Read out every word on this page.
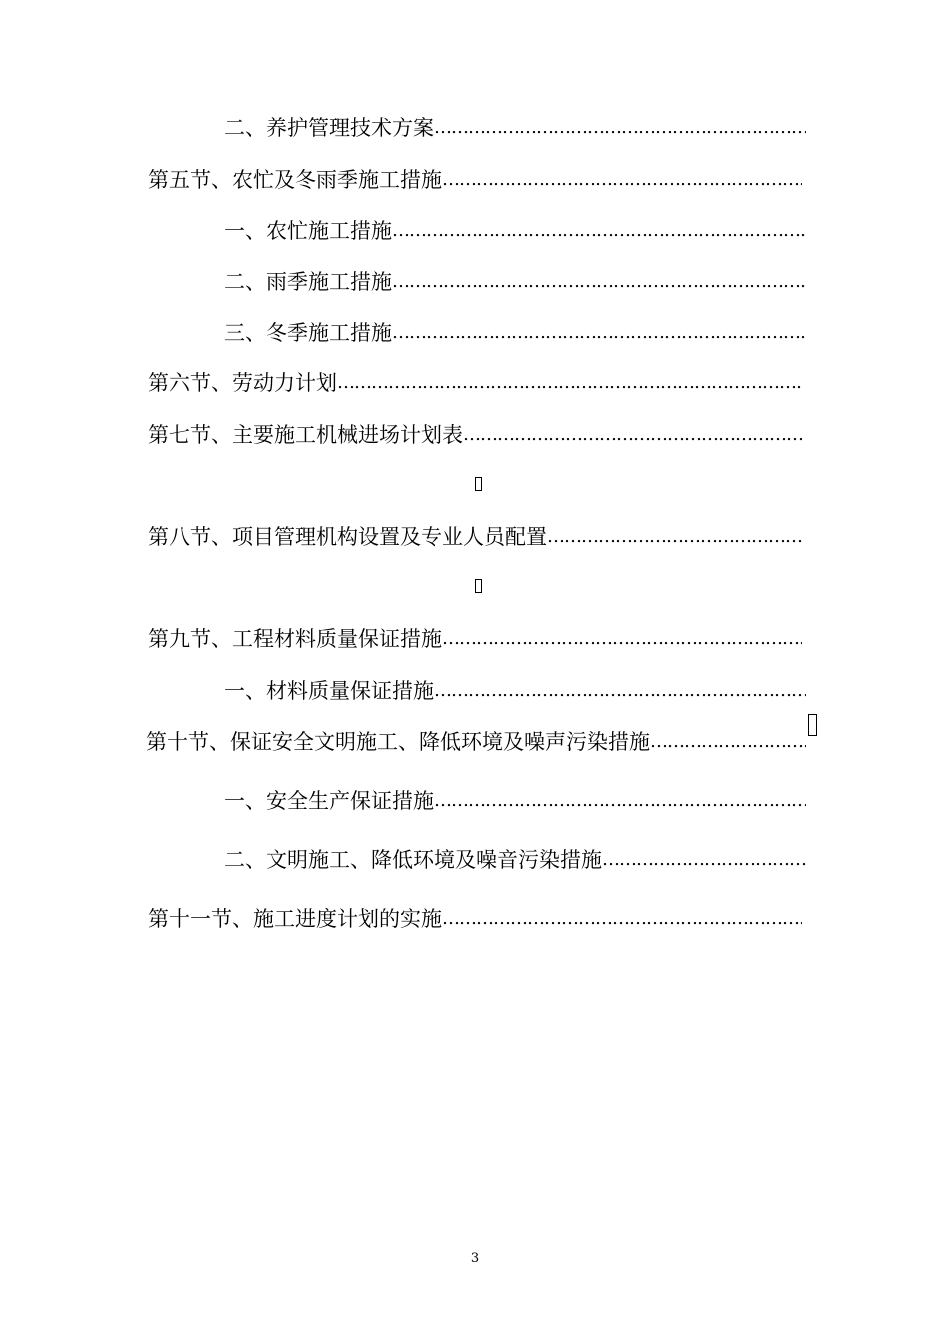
二、养护管理技术方案
……………………………………………………………………………………………………………………………………………………………
第五节、农忙及冬雨季施工措施
……………………………………………………………………………………………………………………………………………………………
一、农忙施工措施
……………………………………………………………………………………………………………………………………………………………
二、雨季施工措施
……………………………………………………………………………………………………………………………………………………………
三、冬季施工措施
……………………………………………………………………………………………………………………………………………………………
第六节、劳动力计划
……………………………………………………………………………………………………………………………………………………………
第七节、主要施工机械进场计划表
……………………………………………………………………………………………………………………………………………………………
第八节、项目管理机构设置及专业人员配置
……………………………………………………………………………………………………………………………………………………………
第九节、工程材料质量保证措施
……………………………………………………………………………………………………………………………………………………………
一、材料质量保证措施
……………………………………………………………………………………………………………………………………………………………
第十节、保证安全文明施工、降低环境及噪声污染措施
……………………………………………………………………………………………………………………………………………………………
一、安全生产保证措施
……………………………………………………………………………………………………………………………………………………………
二、文明施工、降低环境及噪音污染措施
……………………………………………………………………………………………………………………………………………………………
第十一节、施工进度计划的实施
……………………………………………………………………………………………………………………………………………………………
3
